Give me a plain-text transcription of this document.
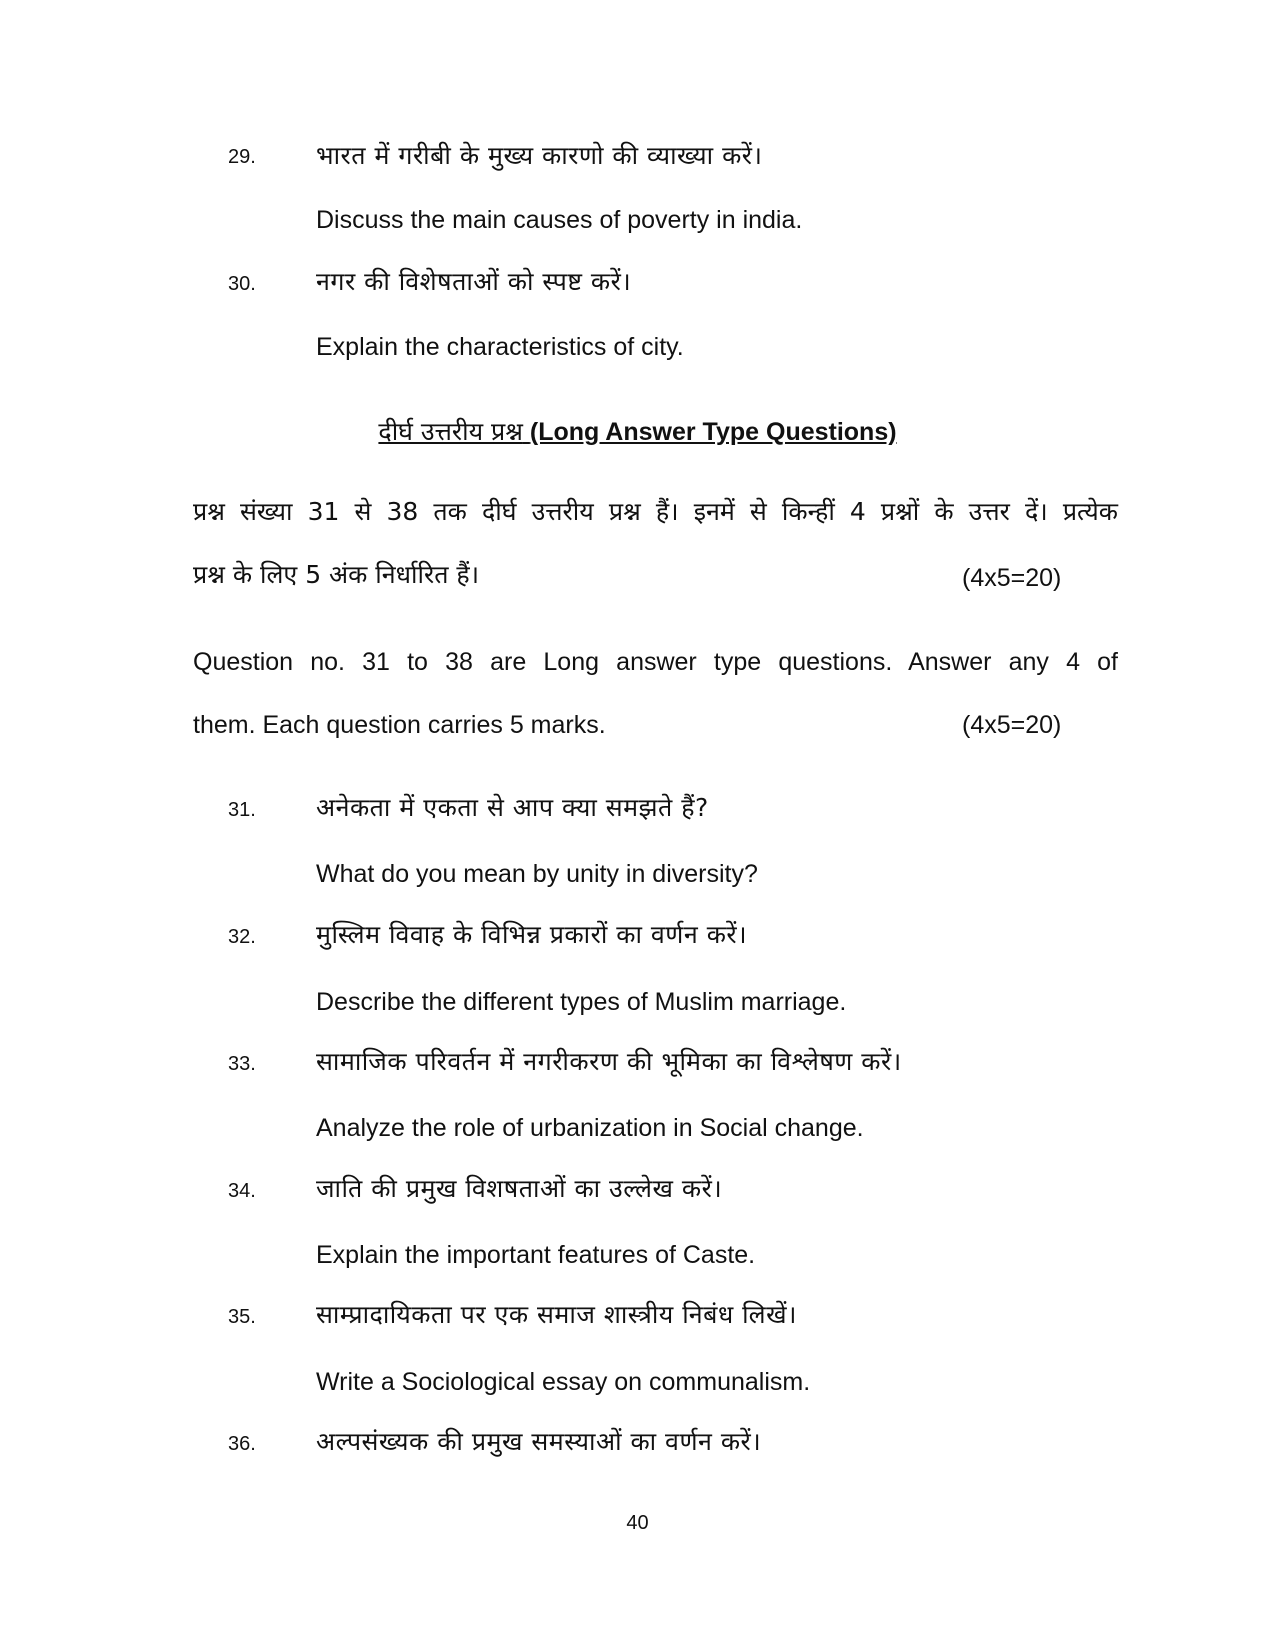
29.	भारत में गरीबी के मुख्य कारणो की व्याख्या करें।
Discuss the main causes of poverty in india.
30.	नगर की विशेषताओं को स्पष्ट करें।
Explain the characteristics of city.
दीर्घ उत्तरीय प्रश्न (Long Answer Type Questions)
प्रश्न संख्या 31 से 38 तक दीर्घ उत्तरीय प्रश्न हैं। इनमें से किन्हीं 4 प्रश्नों के उत्तर दें। प्रत्येक
प्रश्न के लिए 5 अंक निर्धारित हैं।	(4x5=20)
Question no. 31 to 38 are Long answer type questions. Answer any 4 of
them. Each question carries 5 marks.	(4x5=20)
31.	अनेकता में एकता से आप क्या समझते हैं?
What do you mean by unity in diversity?
32.	मुस्लिम विवाह के विभिन्न प्रकारों का वर्णन करें।
Describe the different types of Muslim marriage.
33.	सामाजिक परिवर्तन में नगरीकरण की भूमिका का विश्लेषण करें।
Analyze the role of urbanization in Social change.
34.	जाति की प्रमुख विशषताओं का उल्लेख करें।
Explain the important features of Caste.
35.	साम्प्रादायिकता पर एक समाज शास्त्रीय निबंध लिखें।
Write a Sociological essay on communalism.
36.	अल्पसंख्यक की प्रमुख समस्याओं का वर्णन करें।
40
